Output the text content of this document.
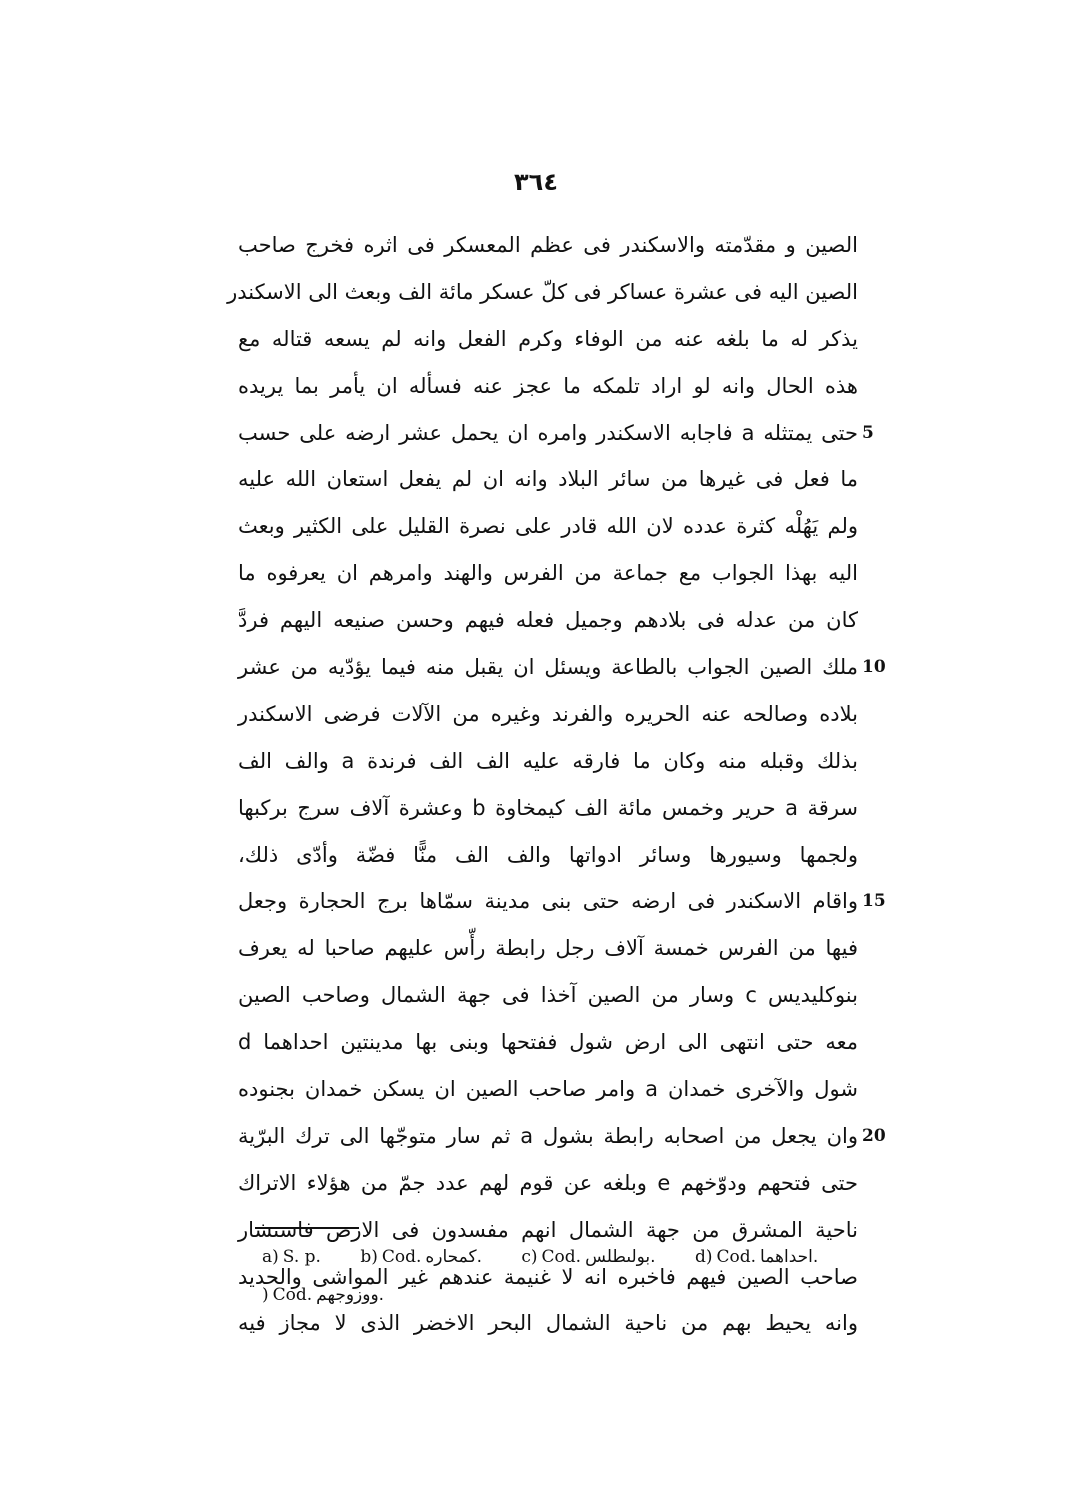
٣٦٤
الصين و مقدّمته والاسكندر فى عظم المعسكر فى اثره فخرج صاحب
الصين اليه فى عشرة عساكر فى كلّ عسكر مائة الف وبعث الى الاسكندر
يذكر له ما بلغه عنه من الوفاء وكرم الفعل وانه لم يسعه قتاله مع
هذه الحال وانه لو اراد تلمكه ما عجز عنه فسأله ان يأمر بما يريده
حتى يمتثله a فاجابه الاسكندر وامره ان يحمل عشر ارضه على حسب 5
ما فعل فى غيرها من سائر البلاد وانه ان لم يفعل استعان الله عليه
ولم يَهُلْه كثرة عدده لان الله قادر على نصرة القليل على الكثير وبعث
اليه بهذا الجواب مع جماعة من الفرس والهند وامرهم ان يعرفوه ما
كان من عدله فى بلادهم وجميل فعله فيهم وحسن صنيعه اليهم فردَّ
ملك الصين الجواب بالطاعة ويسئل ان يقبل منه فيما يؤدّيه من عشر 10
بلاده وصالحه عنه الحريره والفرند وغيره من الآلات فرضى الاسكندر
بذلك وقبله منه وكان ما فارقه عليه الف الف فرندة a والف الف
سرقة a حرير وخمس مائة الف كيمخاوة b وعشرة آلاف سرج بركبها
ولجمها وسيورها وسائر ادواتها والف الف منًّا فضّة وأدّى ذلك،
واقام الاسكندر فى ارضه حتى بنى مدينة سمّاها برج الحجارة وجعل 15
فيها من الفرس خمسة آلاف رجل رابطة رأّس عليهم صاحبا له يعرف
بنوكليديس c وسار من الصين آخذا فى جهة الشمال وصاحب الصين
معه حتى انتهى الى ارض شول ففتحها وبنى بها مدينتين احداهما d
شول والآخرى خمدان a وامر صاحب الصين ان يسكن خمدان بجنوده
وان يجعل من اصحابه رابطة بشول a ثم سار متوجّها الى ترك البرّية 20
حتى فتحهم ودوّخهم e وبلغه عن قوم لهم عدد جمّ من هؤلاء الاتراك
ناحية المشرق من جهة الشمال انهم مفسدون فى الارض فاستشار
صاحب الصين فيهم فاخبره انه لا غنيمة عندهم غير المواشى والحديد
وانه يحيط بهم من ناحية الشمال البحر الاخضر الذى لا مجاز فيه
a) S. p. b) Cod. كمحاره. c) Cod. بولىطلس. d) Cod. احداهما.
) Cod. ووزوجهم.
